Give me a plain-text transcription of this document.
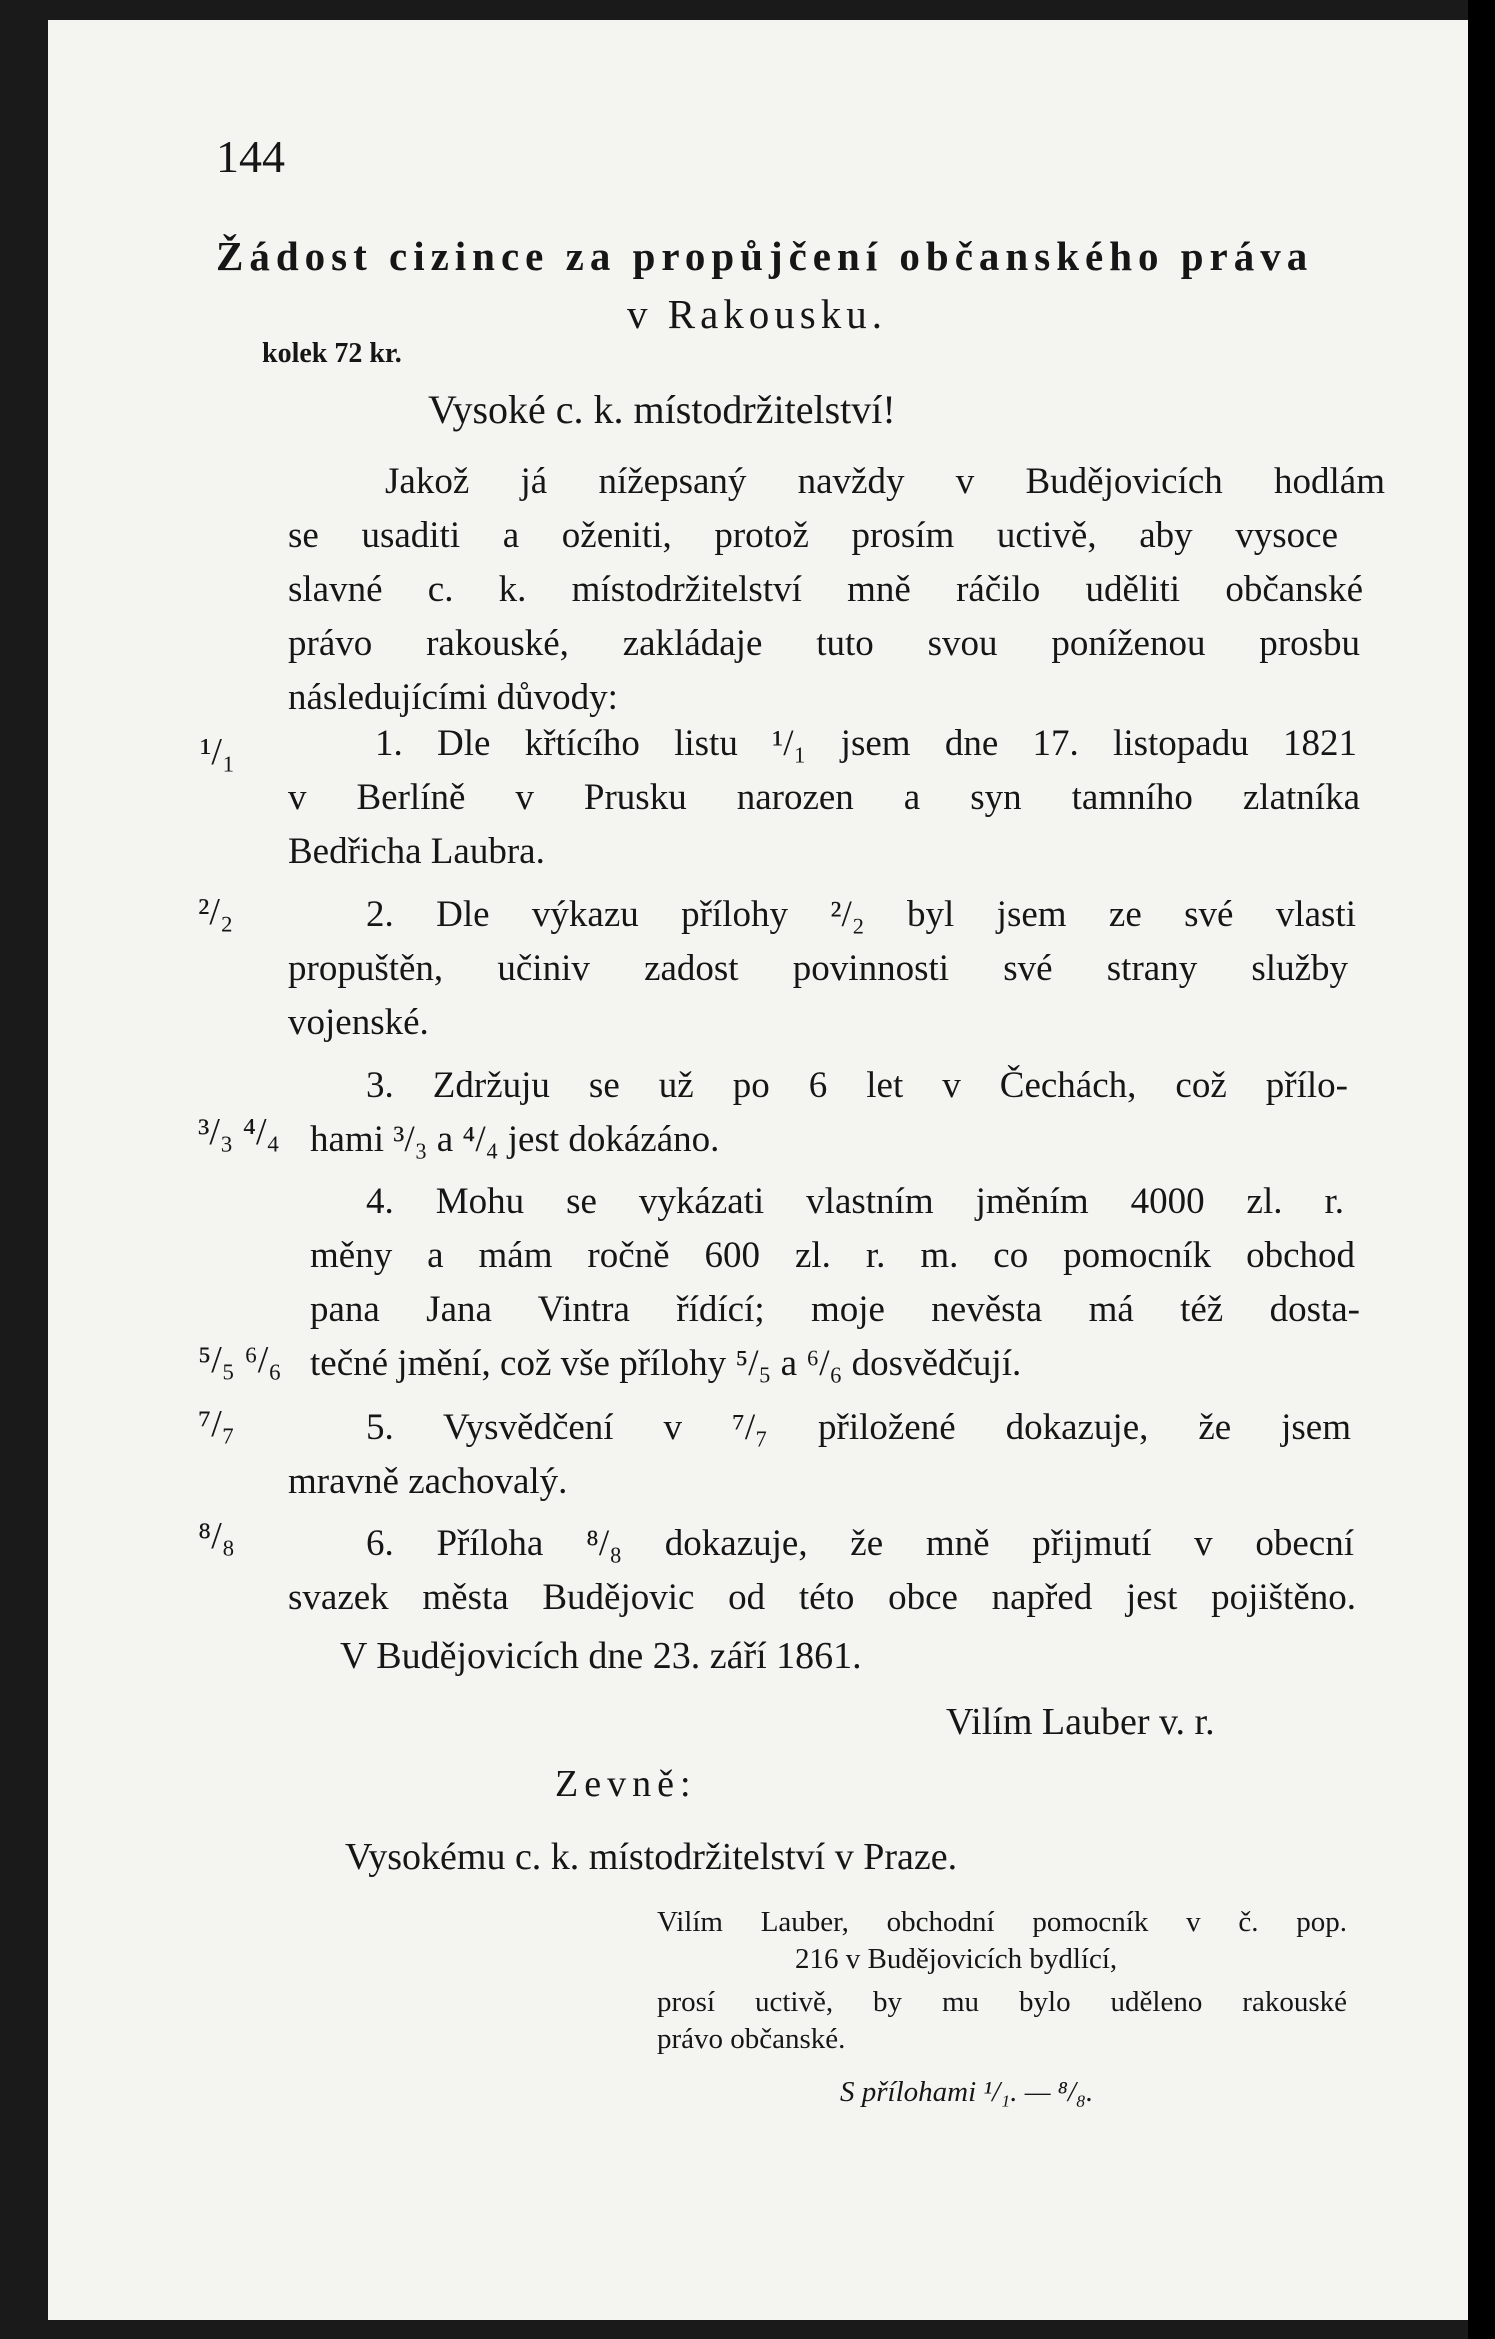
144
Žádost cizince za propůjčení občanského práva
v Rakousku.
kolek 72 kr.
Vysoké c. k. místodržitelství!
Jakož já nížepsaný navždy v Budějovicích hodlám
se usaditi a oženiti, protož prosím uctivě, aby vysoce
slavné c. k. místodržitelství mně ráčilo uděliti občanské
právo rakouské, zakládaje tuto svou poníženou prosbu
následujícími důvody:
¹/₁
²/₂
³/₃ ⁴/₄
⁵/₅ ⁶/₆
⁷/₇
⁸/₈
1. Dle křtícího listu ¹/₁ jsem dne 17. listopadu 1821
v Berlíně v Prusku narozen a syn tamního zlatníka
Bedřicha Laubra.
2. Dle výkazu přílohy ²/₂ byl jsem ze své vlasti
propuštěn, učiniv zadost povinnosti své strany služby
vojenské.
3. Zdržuju se už po 6 let v Čechách, což přílo-
hami ³/₃ a ⁴/₄ jest dokázáno.
4. Mohu se vykázati vlastním jměním 4000 zl. r.
měny a mám ročně 600 zl. r. m. co pomocník obchod
pana Jana Vintra řídící; moje nevěsta má též dosta-
tečné jmění, což vše přílohy ⁵/₅ a ⁶/₆ dosvědčují.
5. Vysvědčení v ⁷/₇ přiložené dokazuje, že jsem
mravně zachovalý.
6. Příloha ⁸/₈ dokazuje, že mně přijmutí v obecní
svazek města Budějovic od této obce napřed jest pojištěno.
V Budějovicích dne 23. září 1861.
Vilím Lauber v. r.
Zevně:
Vysokému c. k. místodržitelství v Praze.
Vilím Lauber, obchodní pomocník v č. pop.
216 v Budějovicích bydlící,
prosí uctivě, by mu bylo uděleno rakouské
právo občanské.
S přílohami ¹/₁. — ⁸/₈.
